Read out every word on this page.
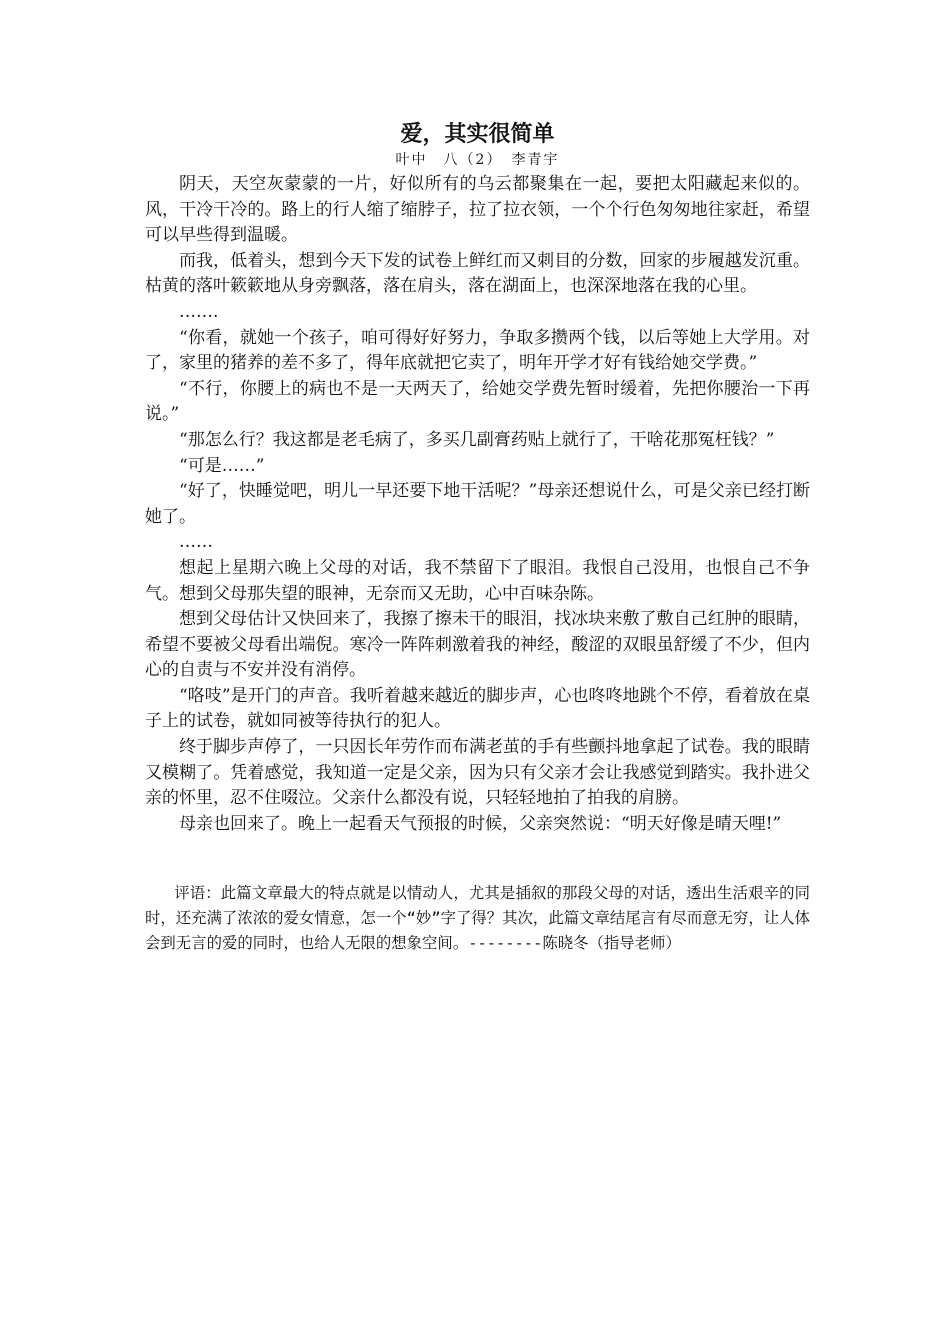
爱，其实很简单
叶中　八（2）　李青宇

阴天，天空灰蒙蒙的一片，好似所有的乌云都聚集在一起，要把太阳藏起来似的。风，干冷干冷的。路上的行人缩了缩脖子，拉了拉衣领，一个个行色匆匆地往家赶，希望可以早些得到温暖。

而我，低着头，想到今天下发的试卷上鲜红而又刺目的分数，回家的步履越发沉重。枯黄的落叶簌簌地从身旁飘落，落在肩头，落在湖面上，也深深地落在我的心里。

…….

“你看，就她一个孩子，咱可得好好努力，争取多攒两个钱，以后等她上大学用。对了，家里的猪养的差不多了，得年底就把它卖了，明年开学才好有钱给她交学费。”

“不行，你腰上的病也不是一天两天了，给她交学费先暂时缓着，先把你腰治一下再说。”

“那怎么行？我这都是老毛病了，多买几副膏药贴上就行了，干啥花那冤枉钱？”

“可是……”

“好了，快睡觉吧，明儿一早还要下地干活呢？”母亲还想说什么，可是父亲已经打断她了。

……

想起上星期六晚上父母的对话，我不禁留下了眼泪。我恨自己没用，也恨自己不争气。想到父母那失望的眼神，无奈而又无助，心中百味杂陈。

想到父母估计又快回来了，我擦了擦未干的眼泪，找冰块来敷了敷自己红肿的眼睛，希望不要被父母看出端倪。寒冷一阵阵刺激着我的神经，酸涩的双眼虽舒缓了不少，但内心的自责与不安并没有消停。

“咯吱”是开门的声音。我听着越来越近的脚步声，心也咚咚地跳个不停，看着放在桌子上的试卷，就如同被等待执行的犯人。

终于脚步声停了，一只因长年劳作而布满老茧的手有些颤抖地拿起了试卷。我的眼睛又模糊了。凭着感觉，我知道一定是父亲，因为只有父亲才会让我感觉到踏实。我扑进父亲的怀里，忍不住啜泣。父亲什么都没有说，只轻轻地拍了拍我的肩膀。

母亲也回来了。晚上一起看天气预报的时候，父亲突然说：“明天好像是晴天哩!”

评语：此篇文章最大的特点就是以情动人，尤其是插叙的那段父母的对话，透出生活艰辛的同时，还充满了浓浓的爱女情意，怎一个“妙”字了得？其次，此篇文章结尾言有尽而意无穷，让人体会到无言的爱的同时，也给人无限的想象空间。--------陈晓冬（指导老师）
